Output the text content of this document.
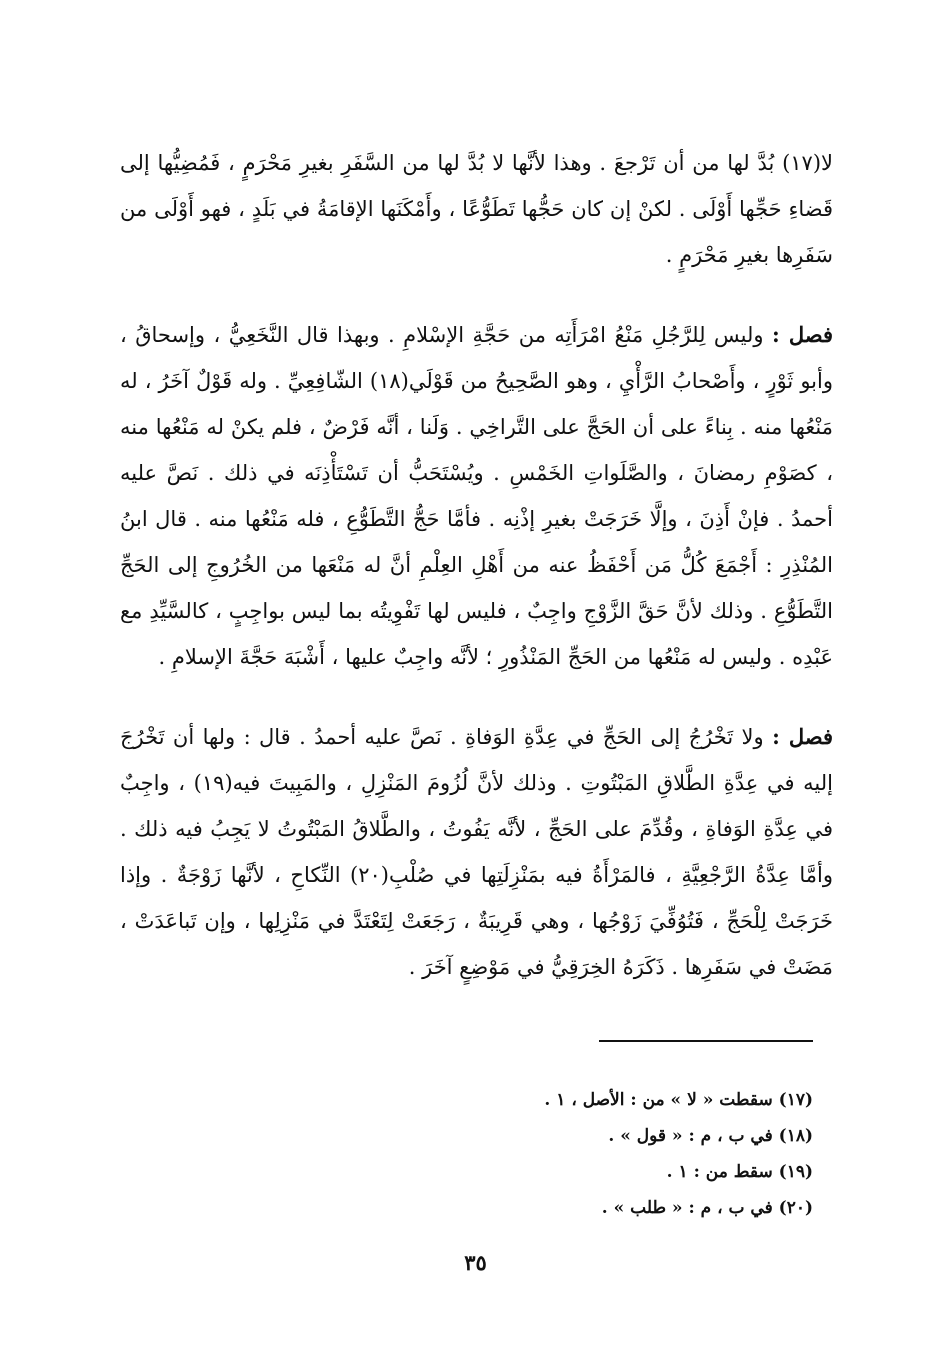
لا(١٧) بُدَّ لها من أن تَرْجعَ . وهذا لأنَّها لا بُدَّ لها من السَّفَرِ بغيرِ مَحْرَمٍ ، فَمُضِيُّها إلى قَضاءِ حَجِّها أَوْلَى . لكنْ إن كان حَجُّها تَطَوُّعًا ، وأَمْكَنَها الإقامَةُ في بَلَدٍ ، فهو أَوْلَى من سَفَرِها بغيرِ مَحْرَمٍ .

فصل : وليس لِلرَّجُلِ مَنْعُ امْرَأَتِه من حَجَّةِ الإسْلامِ . وبهذا قال النَّخَعِيُّ ، وإسحاقُ ، وأبو ثَوْرٍ ، وأَصْحابُ الرَّأْيِ ، وهو الصَّحِيحُ من قَوْلَي(١٨) الشّافِعِيِّ . وله قَوْلٌ آخَرُ ، له مَنْعُها منه . بِناءً على أن الحَجَّ على التَّراخِي . وَلَنا ، أنَّه فَرْضٌ ، فلم يكنْ له مَنْعُها منه ، كصَوْمِ رمضانَ ، والصَّلَواتِ الخَمْسِ . ويُسْتَحَبُّ أن تَسْتَأْذِنَه في ذلك . نَصَّ عليه أحمدُ . فإنْ أَذِنَ ، وإلَّا خَرَجَتْ بغيرِ إذْنِه . فأمَّا حَجُّ التَّطَوُّعِ ، فله مَنْعُها منه . قال ابنُ المُنْذِرِ : أَجْمَعَ كُلُّ مَن أَحْفَظُ عنه من أَهْلِ العِلْمِ أنَّ له مَنْعَها من الخُرُوجِ إلى الحَجِّ التَّطَوُّعِ . وذلك لأنَّ حَقَّ الزَّوْجِ واجِبٌ ، فليس لها تَفْوِيتُه بما ليس بواجِبٍ ، كالسَّيِّدِ مع عَبْدِه . وليس له مَنْعُها من الحَجِّ المَنْذُورِ ؛ لأنَّه واجِبٌ عليها ، أَشْبَهَ حَجَّةَ الإسلامِ .

فصل : ولا تَخْرُجُ إلى الحَجِّ في عِدَّةِ الوَفاةِ . نَصَّ عليه أحمدُ . قال : ولها أن تَخْرُجَ إليه في عِدَّةِ الطَّلاقِ المَبْتُوتِ . وذلك لأنَّ لُزُومَ المَنْزِلِ ، والمَبِيتَ فيه(١٩) ، واجِبٌ في عِدَّةِ الوَفاةِ ، وقُدِّمَ على الحَجِّ ، لأنَّه يَفُوتُ ، والطَّلاقُ المَبْتُوتُ لا يَجِبُ فيه ذلك . وأمَّا عِدَّةُ الرَّجْعِيَّةِ ، فالمَرْأَةُ فيه بمَنْزِلَتِها في صُلْبِ(٢٠) النِّكاحِ ، لأنَّها زَوْجَةٌ . وإذا خَرَجَتْ لِلْحَجِّ ، فَتُوُفِّيَ زَوْجُها ، وهي قَرِيبَةٌ ، رَجَعَتْ لِتَعْتَدَّ في مَنْزِلِها ، وإن تَباعَدَتْ ، مَضَتْ في سَفَرِها . ذَكَرَهُ الخِرَقِيُّ في مَوْضِعٍ آخَرَ .

(١٧) سقطت « لا » من : الأصل ، ١ .

(١٨) في ب ، م : « قول » .

(١٩) سقط من : ١ .

(٢٠) في ب ، م : « طلب » .

٣٥
